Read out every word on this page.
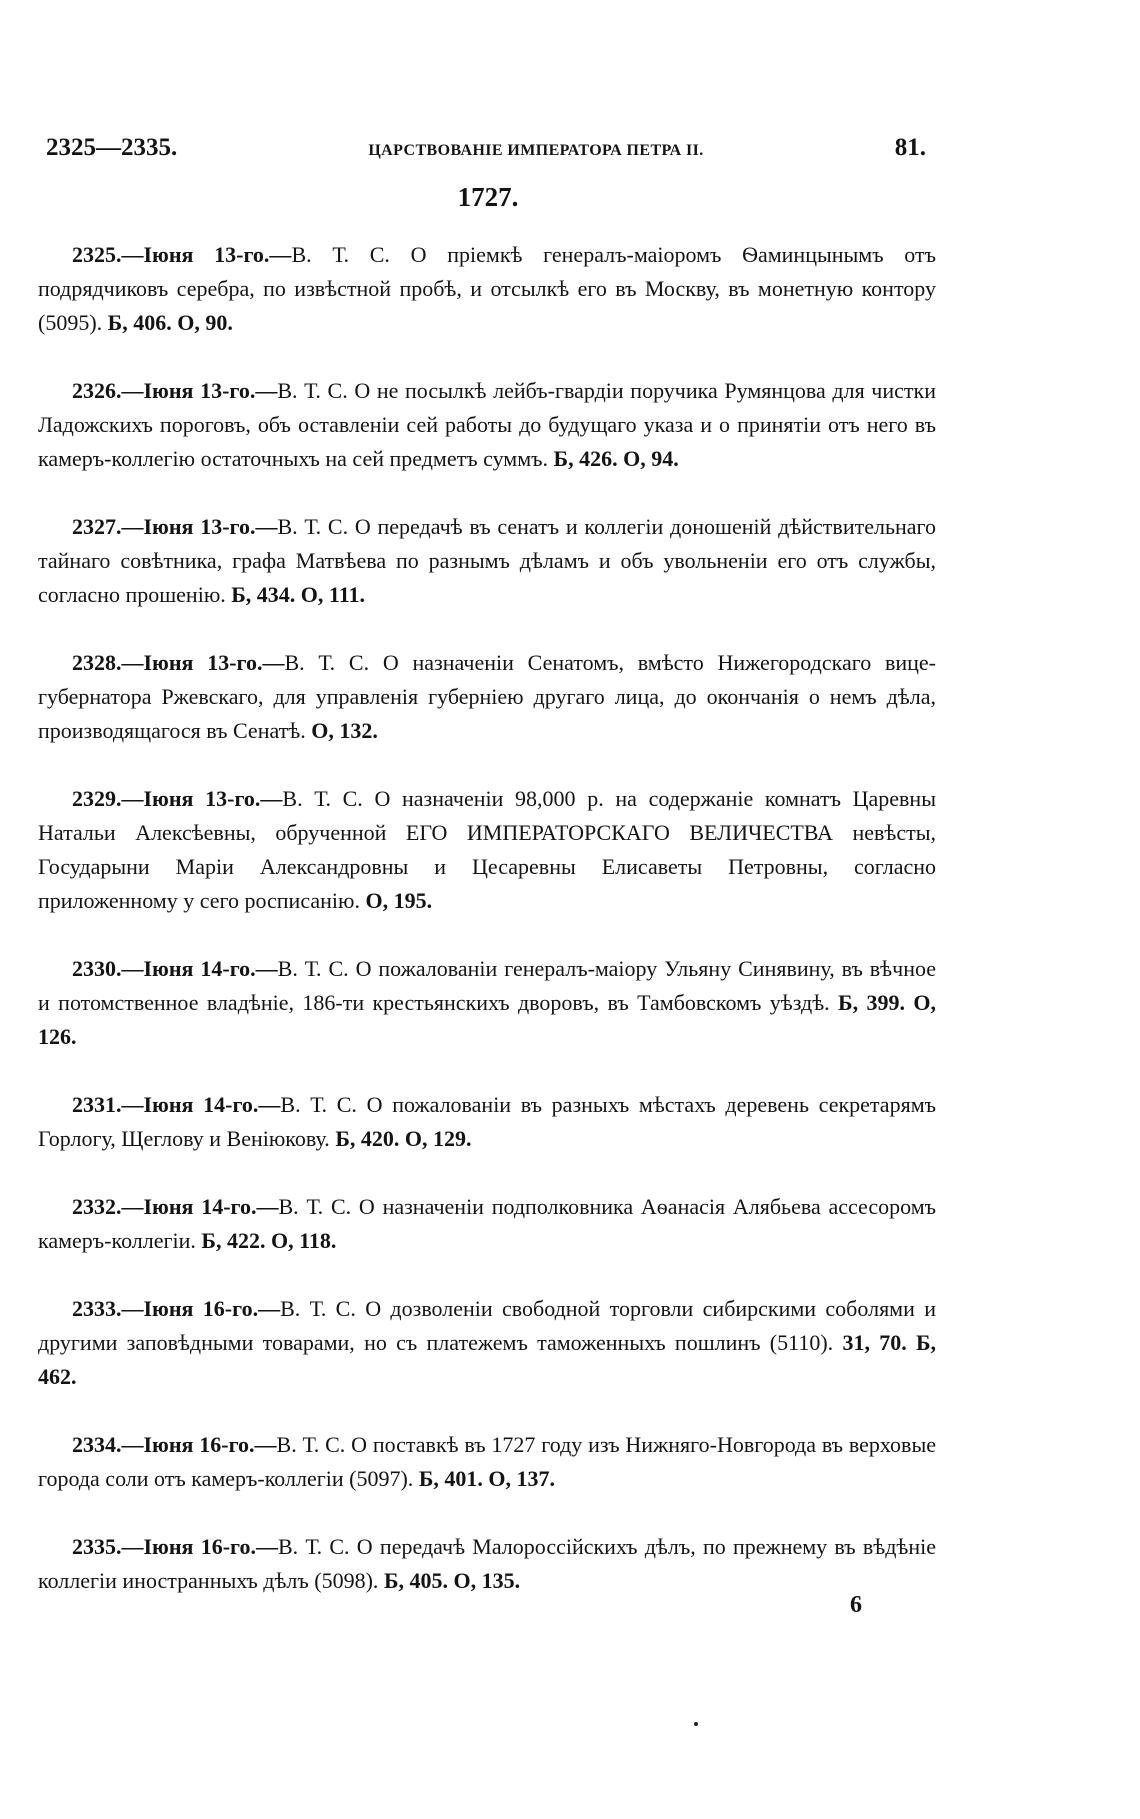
2325—2335.	ЦАРСТВОВАНІЕ ИМПЕРАТОРА ПЕТРА II.	81.
1727.

2325.—Іюня 13-го.—В. Т. С. О пріемкѣ генералъ-маіоромъ Ѳаминцынымъ отъ подрядчиковъ серебра, по извѣстной пробѣ, и отсылкѣ его въ Москву, въ монетную контору (5095). Б, 406. О, 90.

2326.—Іюня 13-го.—В. Т. С. О не посылкѣ лейбъ-гвардіи поручика Румянцова для чистки Ладожскихъ пороговъ, объ оставленіи сей работы до будущаго указа и о принятіи отъ него въ камеръ-коллегію остаточныхъ на сей предметъ суммъ. Б, 426. О, 94.

2327.—Іюня 13-го.—В. Т. С. О передачѣ въ сенатъ и коллегіи доношеній дѣйствительнаго тайнаго совѣтника, графа Матвѣева по разнымъ дѣламъ и объ увольненіи его отъ службы, согласно прошенію. Б, 434. О, 111.

2328.—Іюня 13-го.—В. Т. С. О назначеніи Сенатомъ, вмѣсто Нижегородскаго вице-губернатора Ржевскаго, для управленія губерніею другаго лица, до окончанія о немъ дѣла, производящагося въ Сенатѣ. О, 132.

2329.—Іюня 13-го.—В. Т. С. О назначеніи 98,000 р. на содержаніе комнатъ Царевны Натальи Алексѣевны, обрученной ЕГО ИМПЕРАТОРСКАГО ВЕЛИЧЕСТВА невѣсты, Государыни Маріи Александровны и Цесаревны Елисаветы Петровны, согласно приложенному у сего росписанію. О, 195.

2330.—Іюня 14-го.—В. Т. С. О пожалованіи генералъ-маіору Ульяну Синявину, въ вѣчное и потомственное владѣніе, 186-ти крестьянскихъ дворовъ, въ Тамбовскомъ уѣздѣ. Б, 399. О, 126.

2331.—Іюня 14-го.—В. Т. С. О пожалованіи въ разныхъ мѣстахъ деревень секретарямъ Горлогу, Щеглову и Веніюкову. Б, 420. О, 129.

2332.—Іюня 14-го.—В. Т. С. О назначеніи подполковника Аѳанасія Алябьева ассесоромъ камеръ-коллегіи. Б, 422. О, 118.

2333.—Іюня 16-го.—В. Т. С. О дозволеніи свободной торговли сибирскими соболями и другими заповѣдными товарами, но съ платежемъ таможенныхъ пошлинъ (5110). 31, 70. Б, 462.

2334.—Іюня 16-го.—В. Т. С. О поставкѣ въ 1727 году изъ Нижняго-Новгорода въ верховые города соли отъ камеръ-коллегіи (5097). Б, 401. О, 137.

2335.—Іюня 16-го.—В. Т. С. О передачѣ Малороссійскихъ дѣлъ, по прежнему въ вѣдѣніе коллегіи иностранныхъ дѣлъ (5098). Б, 405. О, 135.

6
